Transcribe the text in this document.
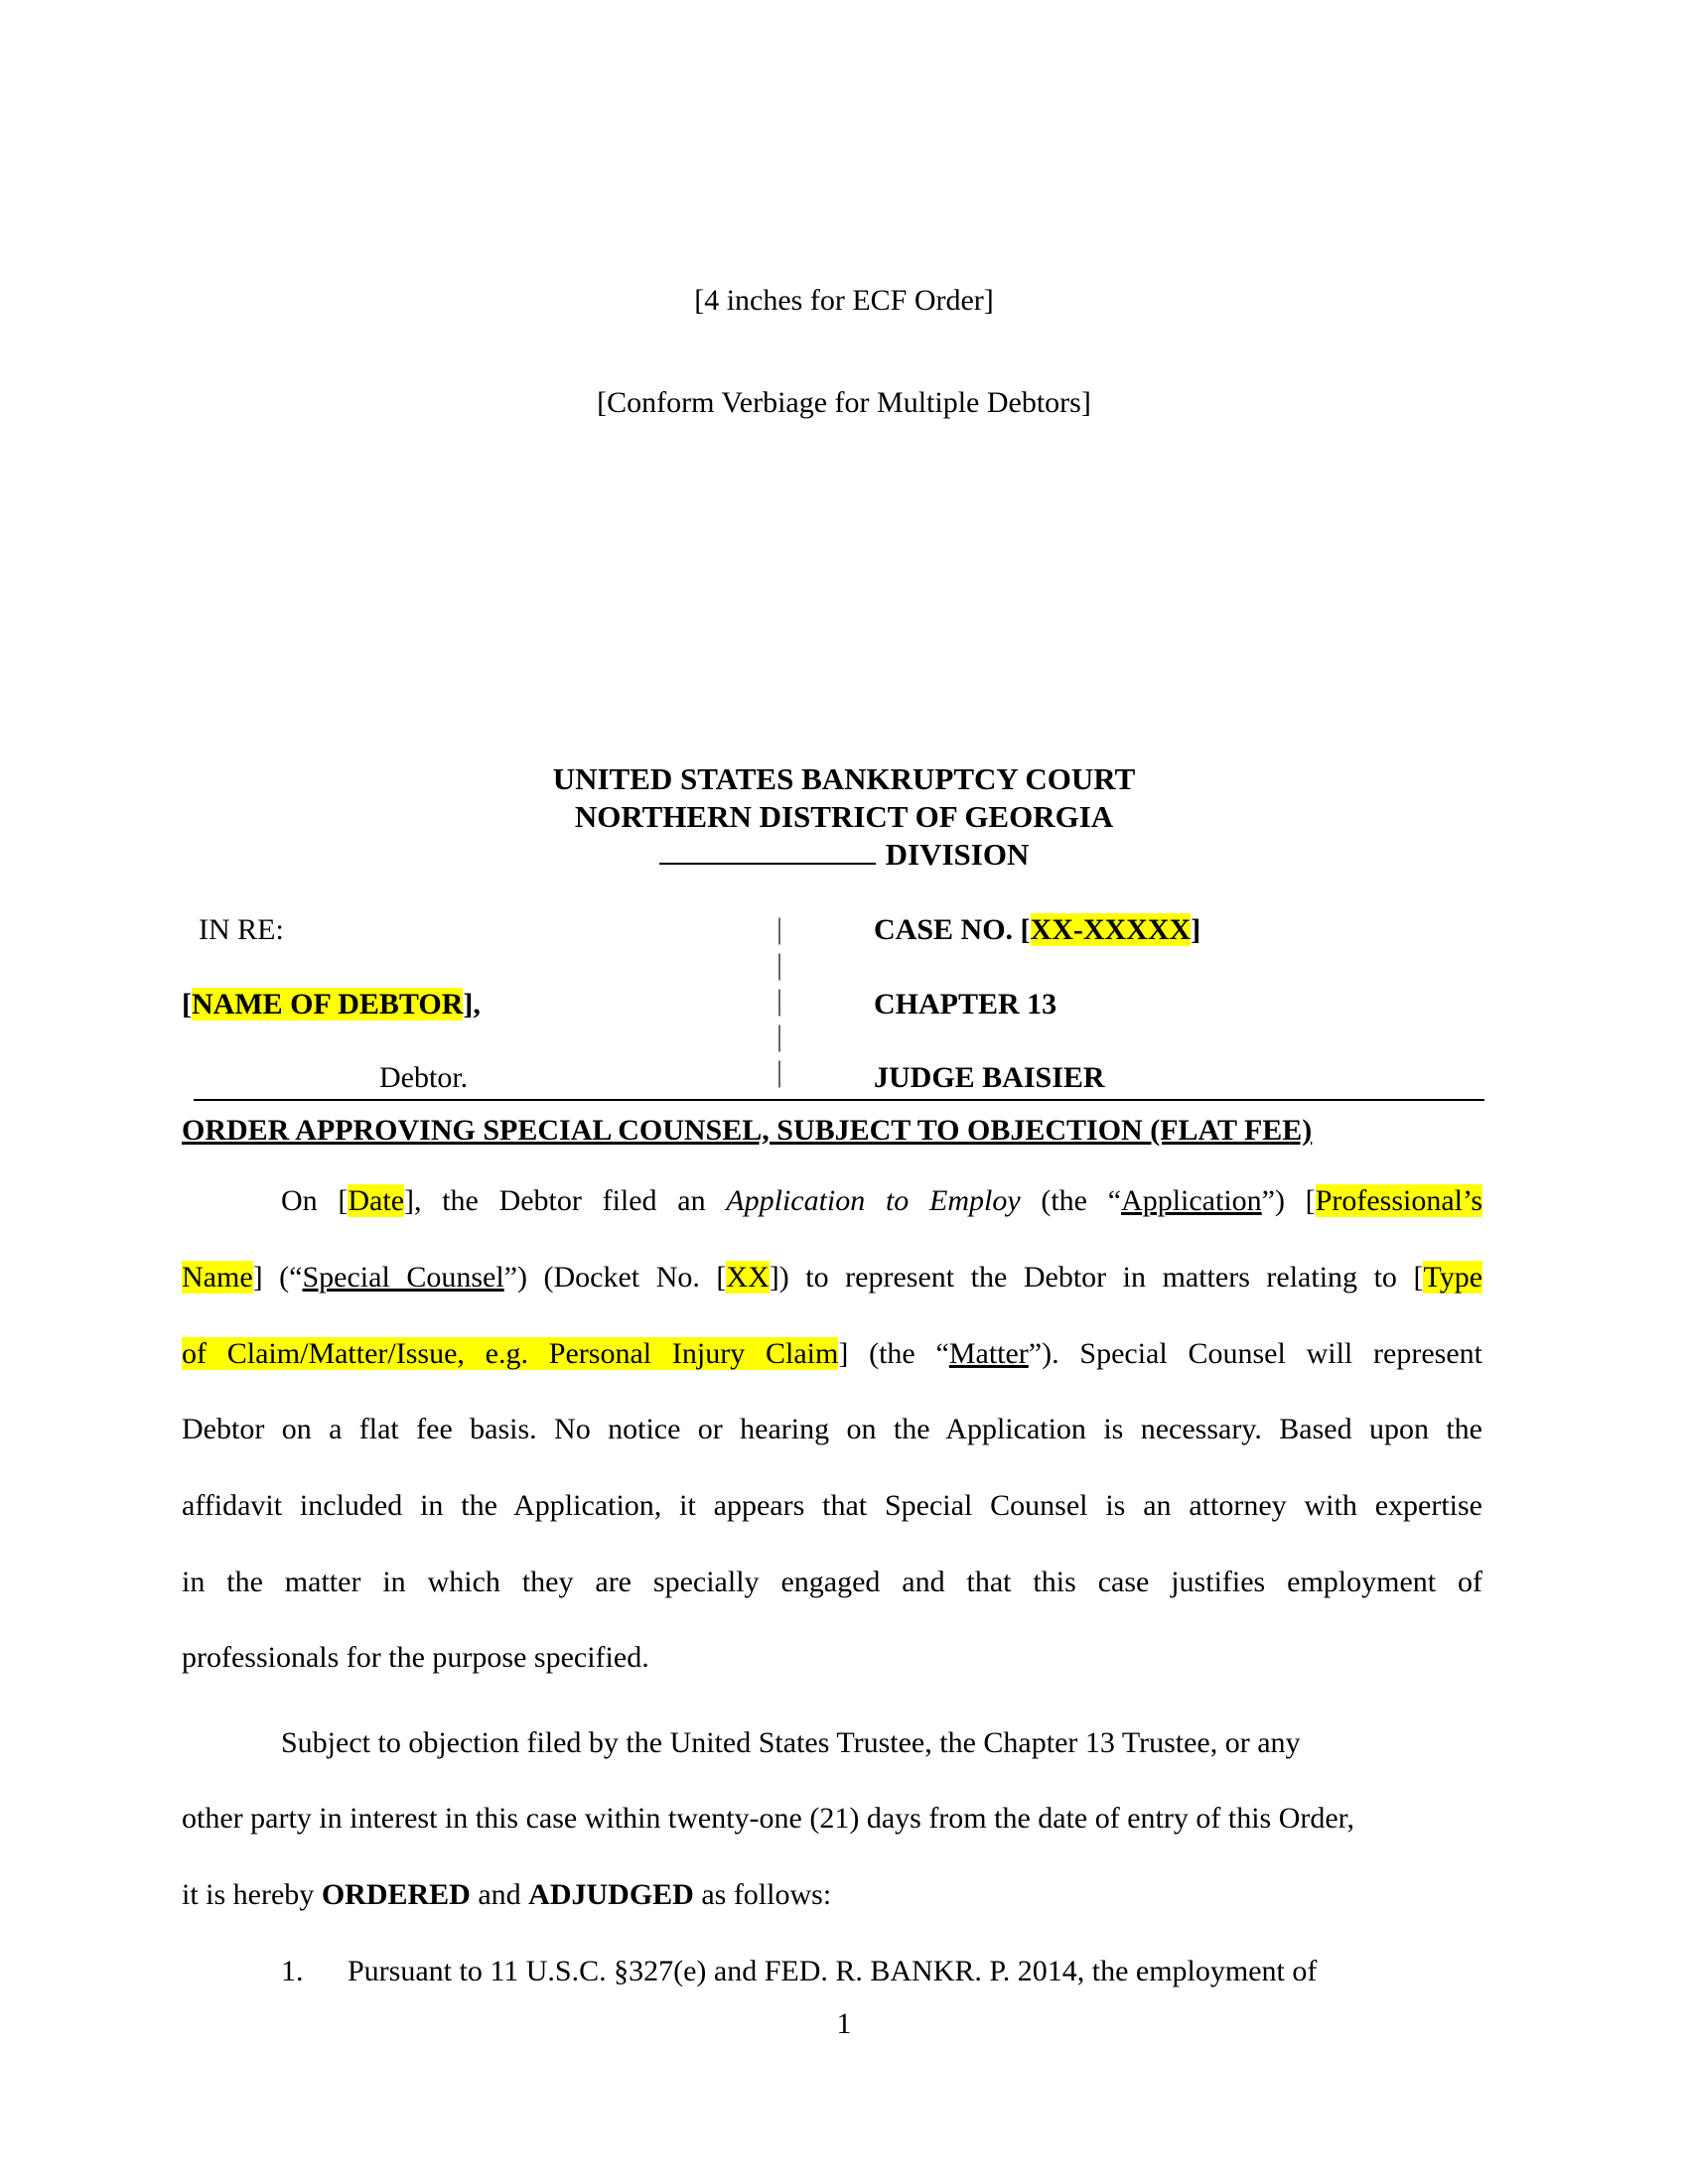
[4 inches for ECF Order]
[Conform Verbiage for Multiple Debtors]
UNITED STATES BANKRUPTCY COURT
NORTHERN DISTRICT OF GEORGIA
DIVISION
IN RE:
[NAME OF DEBTOR],
Debtor.
|
|
|
|
|
CASE NO. [XX-XXXXX]
CHAPTER 13
JUDGE BAISIER
ORDER APPROVING SPECIAL COUNSEL, SUBJECT TO OBJECTION (FLAT FEE)
On [Date], the Debtor filed an Application to Employ (the “Application”) [Professional’s
Name] (“Special Counsel”) (Docket No. [XX]) to represent the Debtor in matters relating to [Type
of Claim/Matter/Issue, e.g. Personal Injury Claim] (the “Matter”). Special Counsel will represent
Debtor on a flat fee basis. No notice or hearing on the Application is necessary. Based upon the
affidavit included in the Application, it appears that Special Counsel is an attorney with expertise
in the matter in which they are specially engaged and that this case justifies employment of
professionals for the purpose specified.
Subject to objection filed by the United States Trustee, the Chapter 13 Trustee, or any
other party in interest in this case within twenty-one (21) days from the date of entry of this Order,
it is hereby ORDERED and ADJUDGED as follows:
1. Pursuant to 11 U.S.C. §327(e) and FED. R. BANKR. P. 2014, the employment of
1
